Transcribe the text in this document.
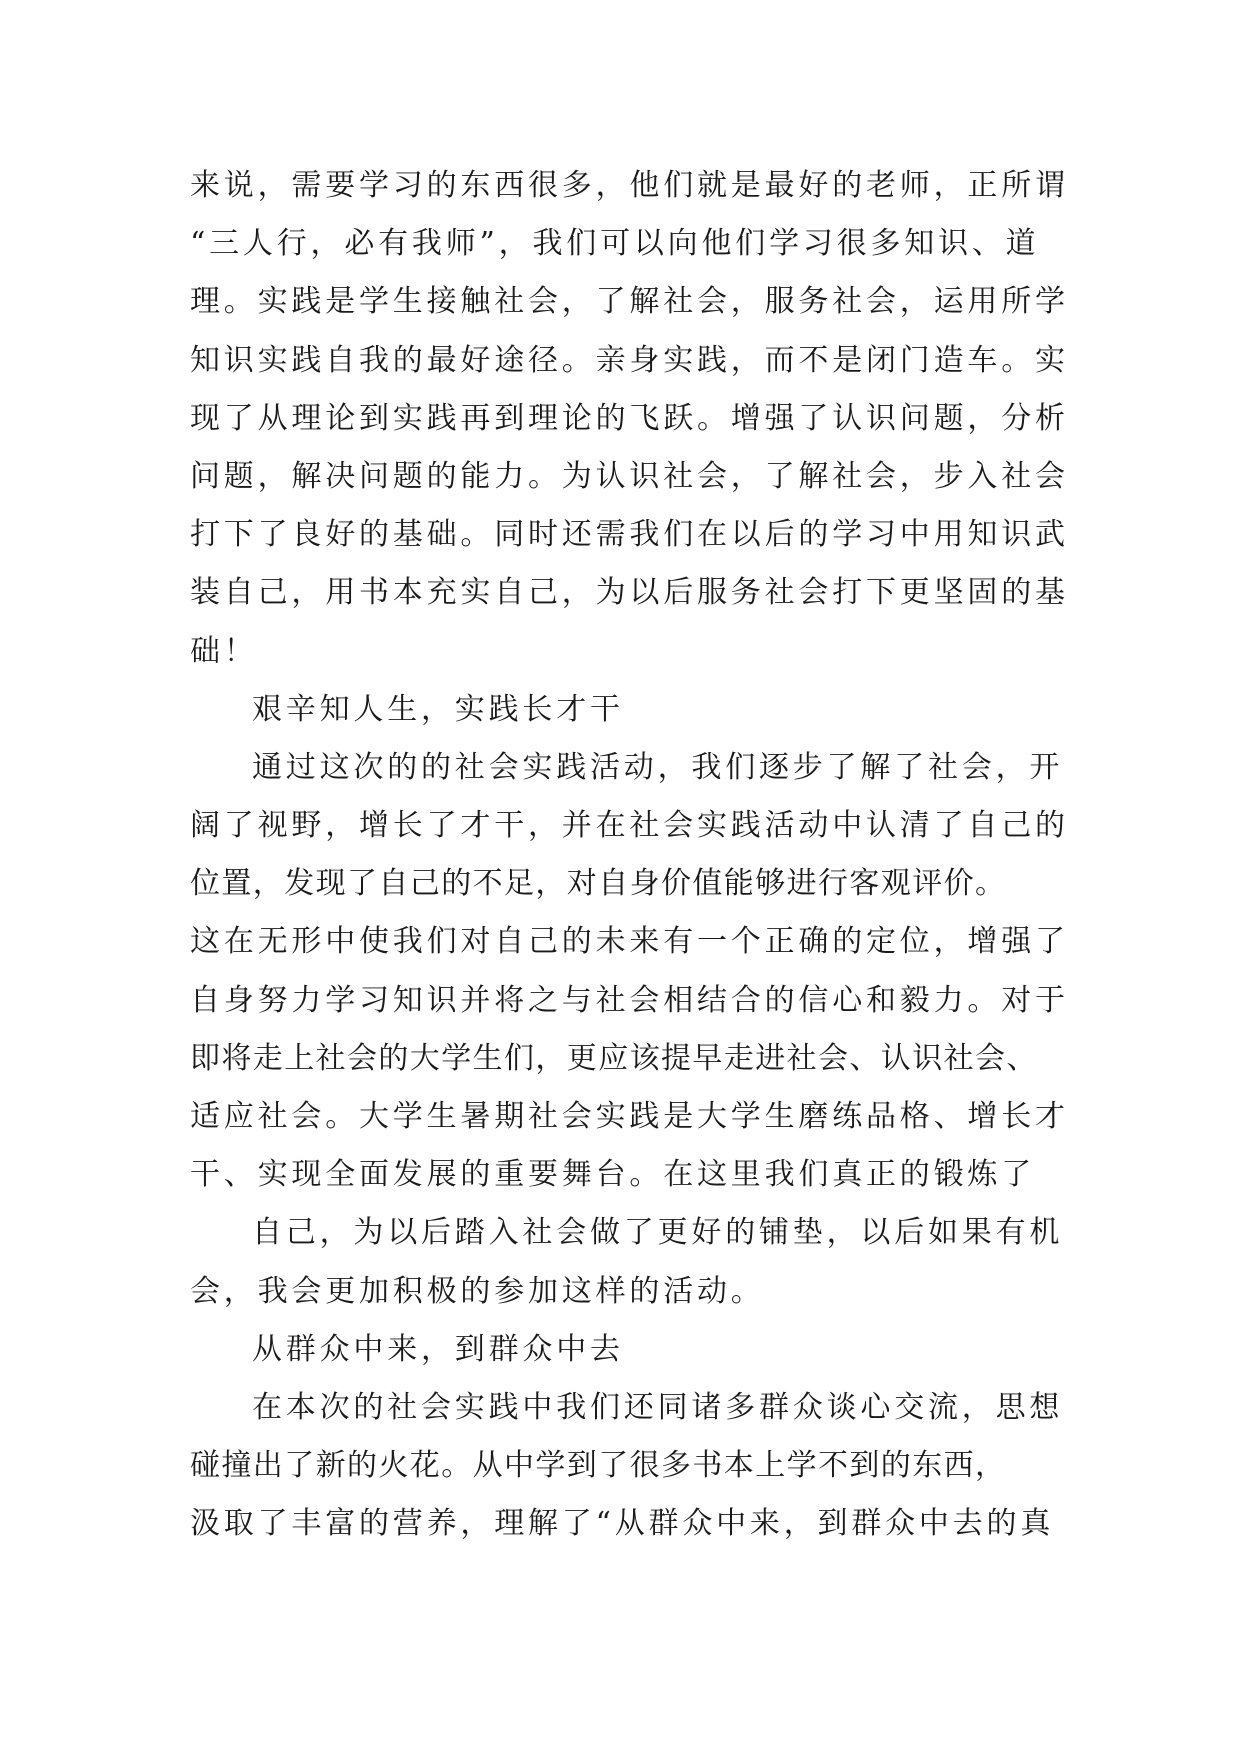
来说，需要学习的东西很多，他们就是最好的老师，正所谓
“三人行，必有我师”，我们可以向他们学习很多知识、道
理。实践是学生接触社会，了解社会，服务社会，运用所学
知识实践自我的最好途径。亲身实践，而不是闭门造车。实
现了从理论到实践再到理论的飞跃。增强了认识问题，分析
问题，解决问题的能力。为认识社会，了解社会，步入社会
打下了良好的基础。同时还需我们在以后的学习中用知识武
装自己，用书本充实自己，为以后服务社会打下更坚固的基
础！
艰辛知人生，实践长才干
通过这次的的社会实践活动，我们逐步了解了社会，开
阔了视野，增长了才干，并在社会实践活动中认清了自己的
位置，发现了自己的不足，对自身价值能够进行客观评价。
这在无形中使我们对自己的未来有一个正确的定位，增强了
自身努力学习知识并将之与社会相结合的信心和毅力。对于
即将走上社会的大学生们，更应该提早走进社会、认识社会、
适应社会。大学生暑期社会实践是大学生磨练品格、增长才
干、实现全面发展的重要舞台。在这里我们真正的锻炼了
自己，为以后踏入社会做了更好的铺垫，以后如果有机
会，我会更加积极的参加这样的活动。
从群众中来，到群众中去
在本次的社会实践中我们还同诸多群众谈心交流，思想
碰撞出了新的火花。从中学到了很多书本上学不到的东西，
汲取了丰富的营养，理解了“从群众中来，到群众中去的真
